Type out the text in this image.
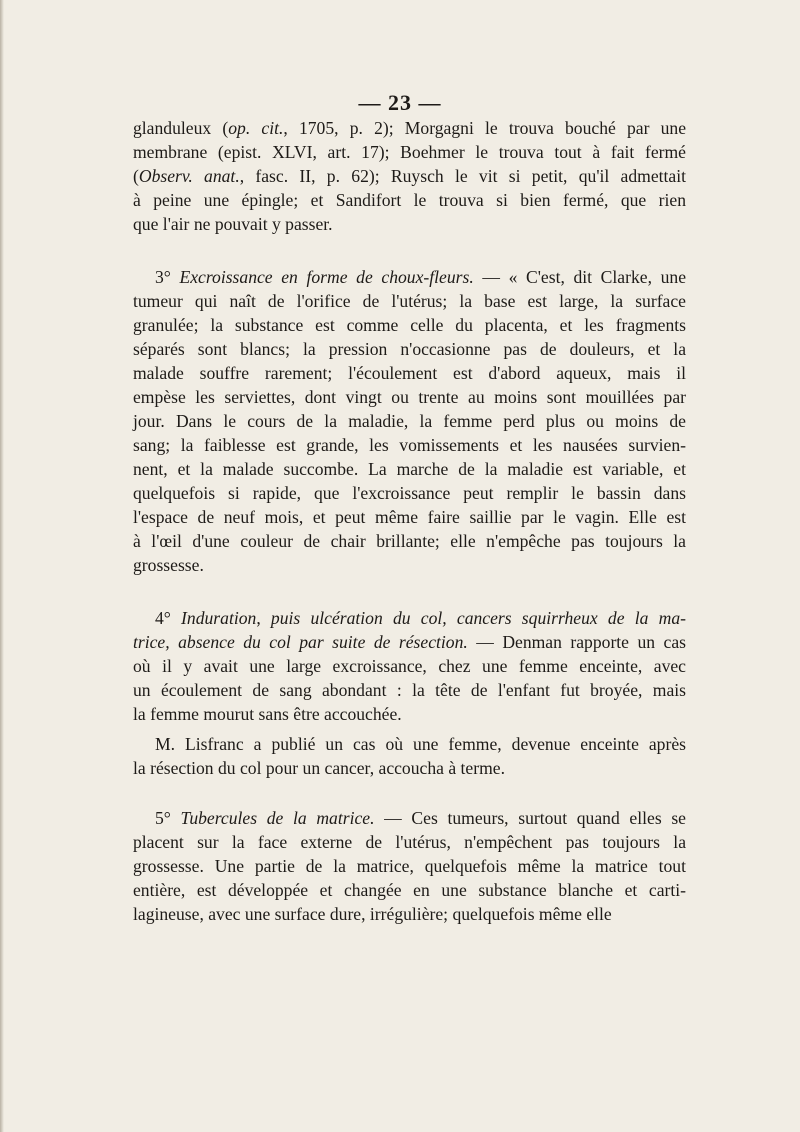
— 23 —
glanduleux (op. cit., 1705, p. 2); Morgagni le trouva bouché par une
membrane (epist. XLVI, art. 17); Boehmer le trouva tout à fait fermé
(Observ. anat., fasc. II, p. 62); Ruysch le vit si petit, qu'il admettait
à peine une épingle; et Sandifort le trouva si bien fermé, que rien
que l'air ne pouvait y passer.
3° Excroissance en forme de choux-fleurs. — « C'est, dit Clarke, une
tumeur qui naît de l'orifice de l'utérus; la base est large, la surface
granulée; la substance est comme celle du placenta, et les fragments
séparés sont blancs; la pression n'occasionne pas de douleurs, et la
malade souffre rarement; l'écoulement est d'abord aqueux, mais il
empèse les serviettes, dont vingt ou trente au moins sont mouillées par
jour. Dans le cours de la maladie, la femme perd plus ou moins de
sang; la faiblesse est grande, les vomissements et les nausées survien-
nent, et la malade succombe. La marche de la maladie est variable, et
quelquefois si rapide, que l'excroissance peut remplir le bassin dans
l'espace de neuf mois, et peut même faire saillie par le vagin. Elle est
à l'œil d'une couleur de chair brillante; elle n'empêche pas toujours la
grossesse.
4° Induration, puis ulcération du col, cancers squirrheux de la ma-
trice, absence du col par suite de résection. — Denman rapporte un cas
où il y avait une large excroissance, chez une femme enceinte, avec
un écoulement de sang abondant : la tête de l'enfant fut broyée, mais
la femme mourut sans être accouchée.
M. Lisfranc a publié un cas où une femme, devenue enceinte après
la résection du col pour un cancer, accoucha à terme.
5° Tubercules de la matrice. — Ces tumeurs, surtout quand elles se
placent sur la face externe de l'utérus, n'empêchent pas toujours la
grossesse. Une partie de la matrice, quelquefois même la matrice tout
entière, est développée et changée en une substance blanche et carti-
lagineuse, avec une surface dure, irrégulière; quelquefois même elle
